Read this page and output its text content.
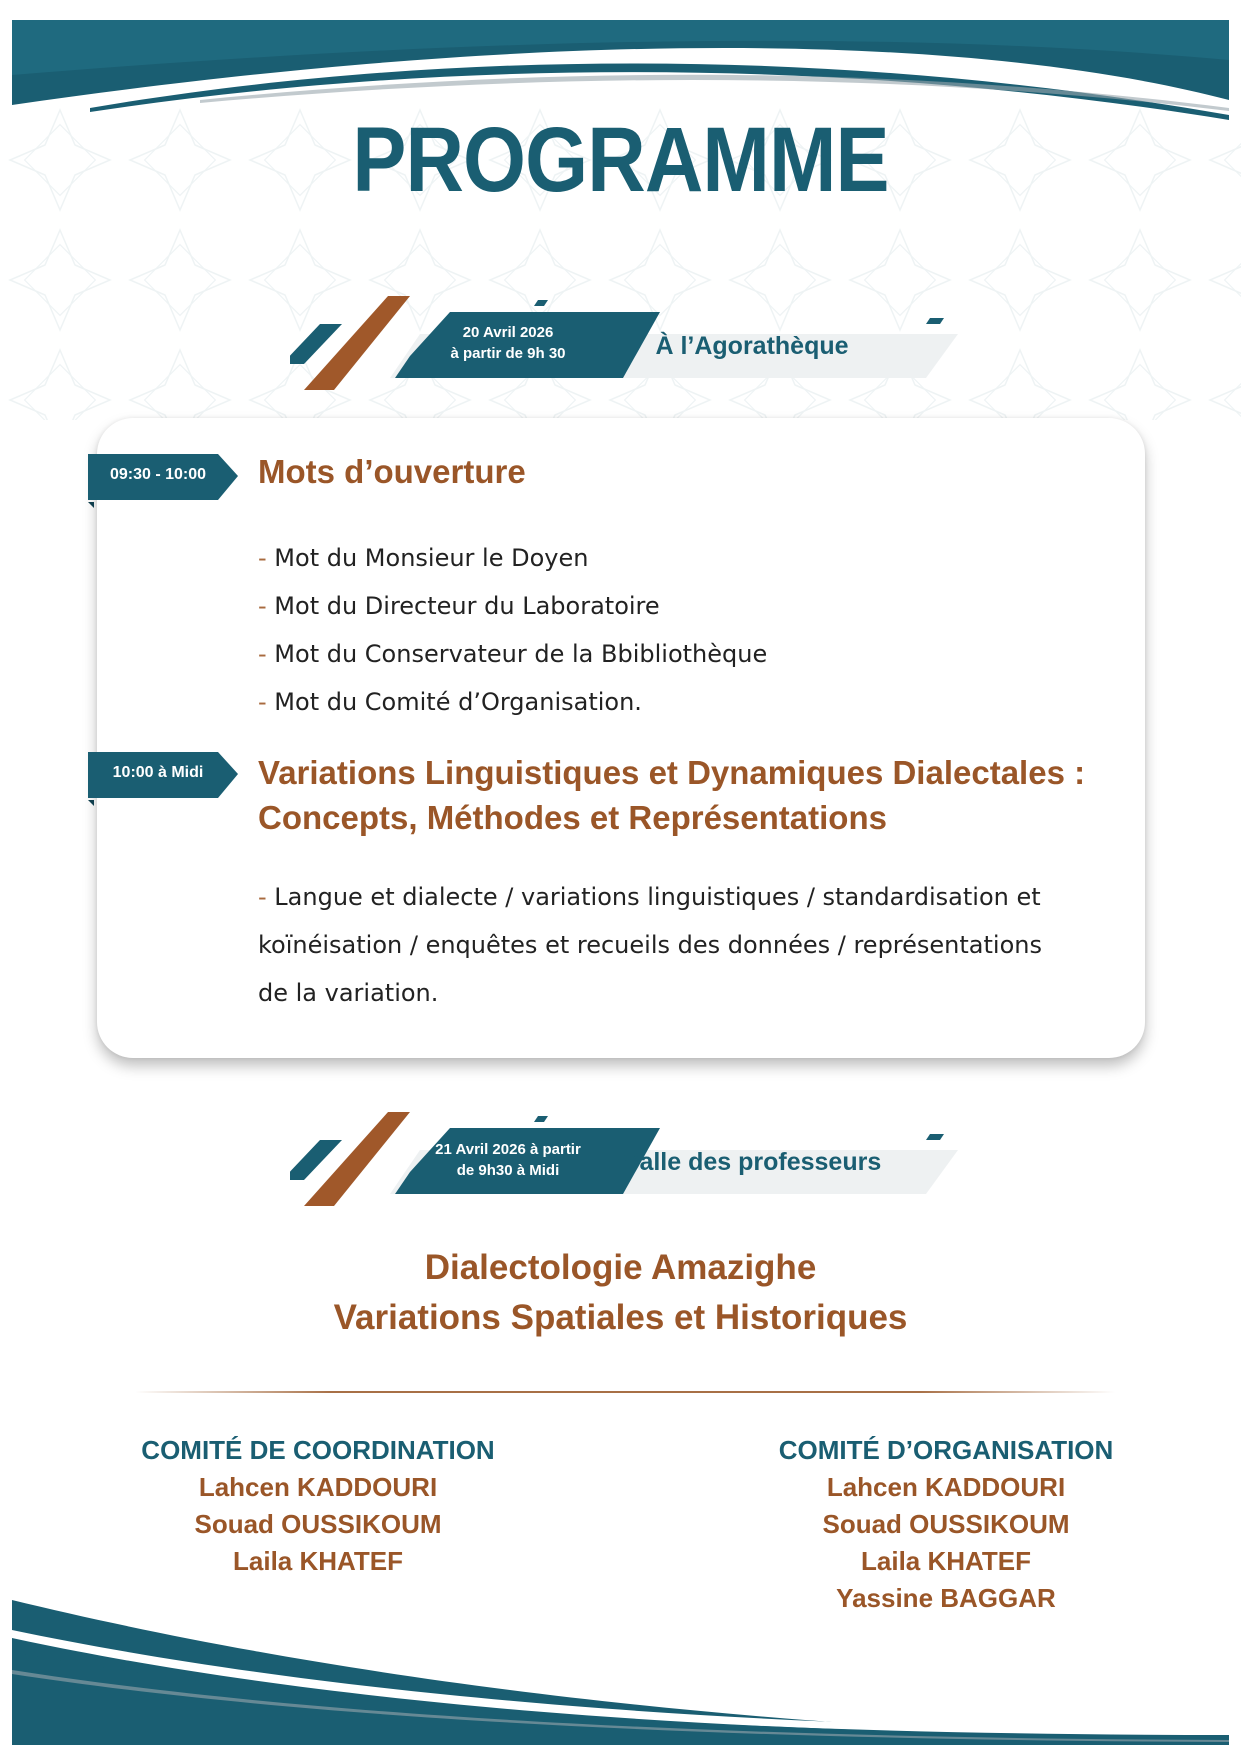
PROGRAMME
20 Avril 2026
à partir de 9h 30	À l’Agorathèque
09:30 - 10:00	Mots d’ouverture
- Mot du Monsieur le Doyen
- Mot du Directeur du Laboratoire
- Mot du Conservateur de la Bbibliothèque
- Mot du Comité d’Organisation.
10:00 à Midi	Variations Linguistiques et Dynamiques Dialectales :
Concepts, Méthodes et Représentations
- Langue et dialecte / variations linguistiques / standardisation et koïnéisation / enquêtes et recueils des données / représentations de la variation.
21 Avril 2026 à partir
de 9h30 à Midi	Salle des professeurs
Dialectologie Amazighe
Variations Spatiales et Historiques
COMITÉ DE COORDINATION
Lahcen KADDOURI
Souad OUSSIKOUM
Laila KHATEF
COMITÉ D’ORGANISATION
Lahcen KADDOURI
Souad OUSSIKOUM
Laila KHATEF
Yassine BAGGAR
